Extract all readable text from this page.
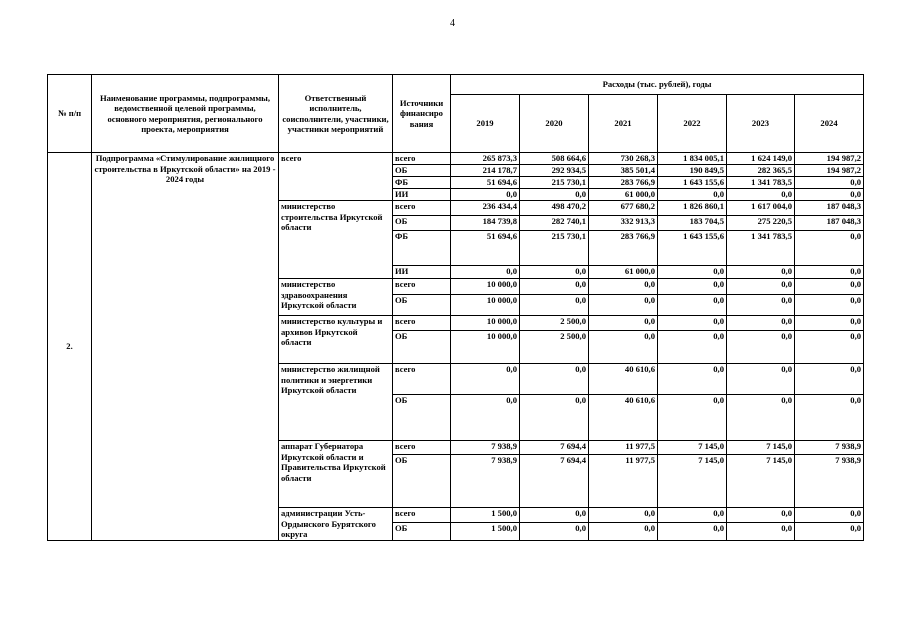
4
№ п/п	Наименование программы, подпрограммы, ведомственной целевой программы, основного мероприятия, регионального проекта, мероприятия	Ответственный исполнитель, соисполнители, участники, участники мероприятий	Источники финансиро вания	Расходы (тыс. рублей), годы					
				2019	2020	2021	2022	2023	2024
2.	Подпрограмма «Стимулирование жилищного строительства в Иркутской области» на 2019 - 2024 годы	всего	всего	265 873,3	508 664,6	730 268,3	1 834 005,1	1 624 149,0	194 987,2
			ОБ	214 178,7	292 934,5	385 501,4	190 849,5	282 365,5	194 987,2
			ФБ	51 694,6	215 730,1	283 766,9	1 643 155,6	1 341 783,5	0,0
			ИИ	0,0	0,0	61 000,0	0,0	0,0	0,0
		министерство строительства Иркутской области	всего	236 434,4	498 470,2	677 680,2	1 826 860,1	1 617 004,0	187 048,3
			ОБ	184 739,8	282 740,1	332 913,3	183 704,5	275 220,5	187 048,3
			ФБ	51 694,6	215 730,1	283 766,9	1 643 155,6	1 341 783,5	0,0
			ИИ	0,0	0,0	61 000,0	0,0	0,0	0,0
		министерство здравоохранения Иркутской области	всего	10 000,0	0,0	0,0	0,0	0,0	0,0
			ОБ	10 000,0	0,0	0,0	0,0	0,0	0,0
		министерство культуры и архивов Иркутской области	всего	10 000,0	2 500,0	0,0	0,0	0,0	0,0
			ОБ	10 000,0	2 500,0	0,0	0,0	0,0	0,0
		министерство жилищной политики и энергетики Иркутской области	всего	0,0	0,0	40 610,6	0,0	0,0	0,0
			ОБ	0,0	0,0	40 610,6	0,0	0,0	0,0
		аппарат Губернатора Иркутской области и Правительства Иркутской области	всего	7 938,9	7 694,4	11 977,5	7 145,0	7 145,0	7 938,9
			ОБ	7 938,9	7 694,4	11 977,5	7 145,0	7 145,0	7 938,9
		администрации Усть-Ордынского Бурятского округа	всего	1 500,0	0,0	0,0	0,0	0,0	0,0
			ОБ	1 500,0	0,0	0,0	0,0	0,0	0,0
